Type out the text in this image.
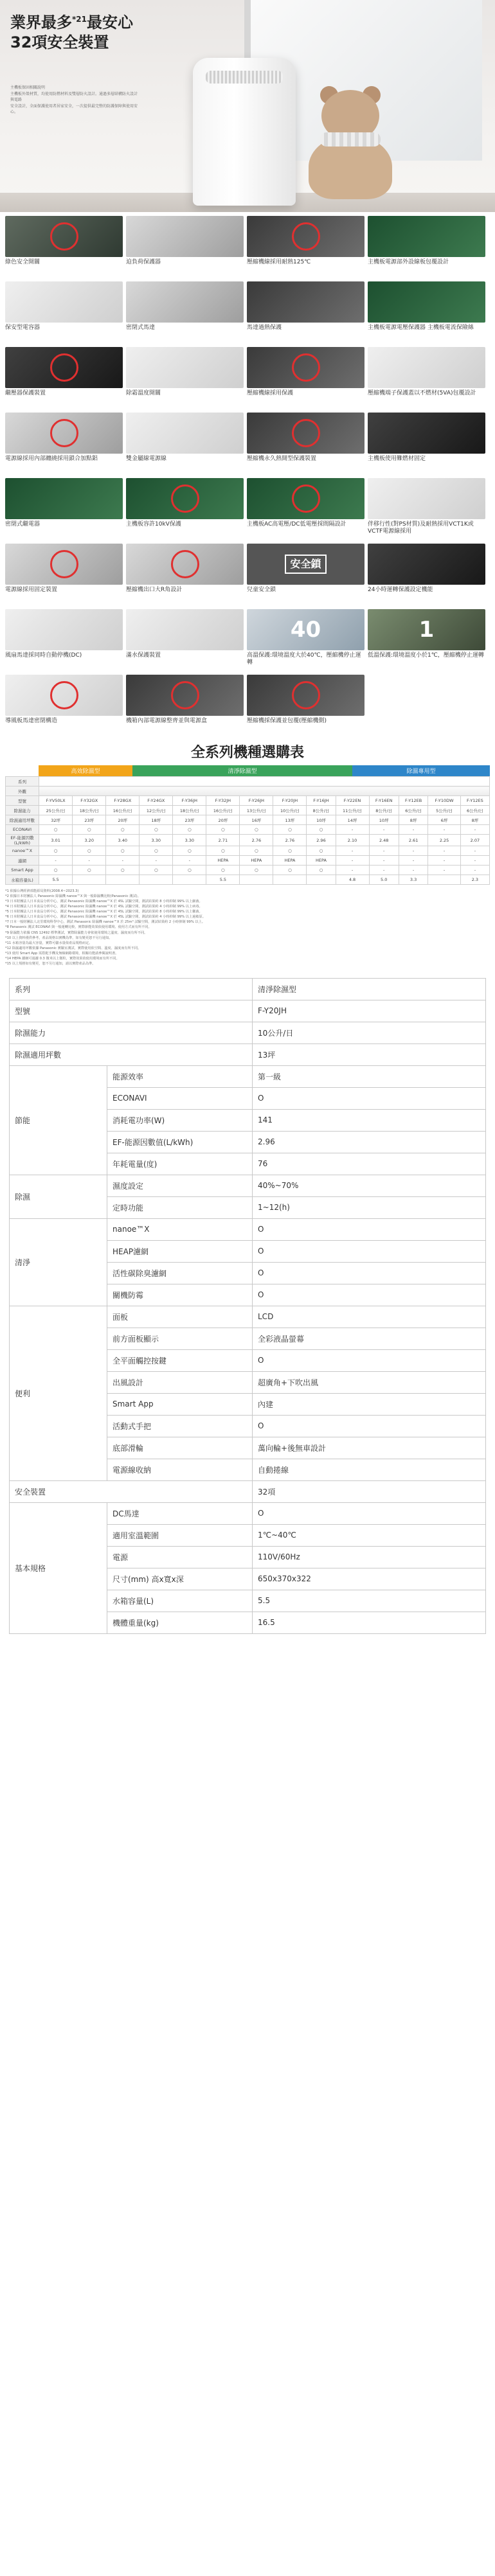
業界最多$^{*21}$最安心
32項安全裝置
主機板保固相關說明
主機板外殼材質，均使用防燃材料及雙層防火設計。通過多層結構防火設計與電路
安全設計，全面保護使用者居家安全，一次提供最完整的防護保障與使用安心。
綠色安全開關	迫負荷保護器	壓縮機線採用耐熱125℃	主機板電源部外設線板包覆設計
保安型電容器	密閉式馬達	馬達過熱保護	主機板電源電壓保護器 主機板電流保險絲
繼壓器保護裝置	除霜溫度開關	壓縮機線採用保護	壓縮機端子保護蓋以不燃材(5VA)包覆設計
電源線採用內部纏繞採用鎖合加點鋁	雙金屬線電源線	壓縮機永久熱開型保護裝置	主機板使用難燃材固定
密閉式繼電器	主機板容許10kV保護	主機板AC高電壓/DC低電壓採間隔設計	伴移行性(對PS材質)及耐熱採用VCT1K或VCTF電源線採用
電源線採用固定裝置	壓縮機出口大R角設計
安全鎖
兒童安全鎖	24小時運轉保護設定機能
風扇馬達採同時自動停機(DC)	滿水保護裝置
40
高溫保護:環境溫度大於40℃，壓縮機停止運轉
1
低溫保護:環境溫度小於1℃，壓縮機停止運轉
導風板馬達密閉構造	機箱內部電源線整齊並與電源盒	壓縮機採保護並包覆(壓縮機側)
全系列機種選購表
高效除濕型	清淨除濕型	除濕專用型
系列														
外觀														
型號	F-YV50LX	F-Y32GX	F-Y28GX	F-Y24GX	F-Y36JH	F-Y32JH	F-Y26JH	F-Y20JH	F-Y16JH	F-Y22EN	F-Y16EN	F-Y12EB	F-Y10DW	F-Y12ES
除濕能力	25公升/日	18公升/日	16公升/日	12公升/日	18公升/日	16公升/日	13公升/日	10公升/日	8公升/日	11公升/日	8公升/日	6公升/日	5公升/日	6公升/日
除濕適用坪數	32坪	23坪	20坪	18坪	23坪	20坪	16坪	13坪	10坪	14坪	10坪	8坪	6坪	8坪
ECONAVI	○	○	○	○	○	○	○	○	○	-	-	-	-	-
EF-能源因數(L/kWh)	3.01	3.20	3.40	3.30	3.30	2.71	2.76	2.76	2.96	2.10	2.48	2.61	2.25	2.07
nanoe™X	○	○	○	○	○	○	○	○	○	-	-	-	-	-
濾網	-	-	-	-	-	HEPA	HEPA	HEPA	HEPA	-	-	-	-	-
Smart App	○	○	○	○	○	○	○	○	○	-	-	-	-	-
水箱容量(L)	5.5					5.5				4.8	5.0	3.3		2.3
*1 依據台灣經濟部能源局資料(2008.4~2023.3)
*2 依據日本財團法人 Panasonic 除濕機 nanoe™X 與一般除濕機比較(Panasonic 測試)。
*3 日本財團法人日本食品分析中心，測試 Panasonic 除濕機 nanoe™X 於 45L 試驗空間，測試結果約 8 小時抑制 99% 以上細菌。
*4 日本財團法人日本食品分析中心，測試 Panasonic 除濕機 nanoe™X 於 45L 試驗空間，測試結果約 4 小時抑制 99% 以上病毒。
*5 日本財團法人日本食品分析中心，測試 Panasonic 除濕機 nanoe™X 於 45L 試驗空間，測試結果約 8 小時抑制 99% 以上黴菌。
*6 日本財團法人日本食品分析中心，測試 Panasonic 除濕機 nanoe™X 於 45L 試驗空間，測試結果約 4 小時抑制 99% 以上過敏原。
*7 日本一般財團法人北里環境科學中心，測試 Panasonic 除濕機 nanoe™X 於 25m³ 試驗空間，測試結果約 2 小時抑制 99% 以上。
*8 Panasonic 測試 ECONAVI 與一般運轉比較，實際節能效果依使用環境、使用方式而有所不同。
*9 除濕能力依據 CNS 12492 標準測試，實際除濕能力會依使用環境之溫度、濕度而有所不同。
*10 以上資料僅供參考，產品規格以實機為準，如有變更恕不另行通知。
*11 水箱容量為最大容量，實際可儲水量依產品規格而定。
*12 除濕適用坪數依據 Panasonic 實驗室測試，實際使用依空間、溫度、濕度而有所不同。
*13 使用 Smart App 需搭配手機及無線網路環境，相關功能請參閱說明書。
*14 HEPA 濾網可過濾 0.3 微米以上微粒，實際效果依使用環境而有所不同。
*15 以上規格如有變更，恕不另行通知，請以實際產品為準。
系列		清淨除濕型
型號		F-Y20JH
除濕能力		10公升/日
除濕適用坪數		13坪
節能	能源效率	第一級
	ECONAVI	O
	消耗電功率(W)	141
	EF-能源因數值(L/kWh)	2.96
	年耗電量(度)	76
除濕	濕度設定	40%~70%
	定時功能	1~12(h)
清淨	nanoe™X	O
	HEAP濾網	O
	活性碳除臭濾網	O
	關機防霉	O
便利	面板	LCD
	前方面板顯示	全彩液晶螢幕
	全平面觸控按鍵	O
	出風設計	超廣角+下吹出風
	Smart App	內建
	活動式手把	O
	底部滑輪	萬向輪+後無車設計
	電源線收納	自動捲線
安全裝置		32項
基本規格	DC馬達	O
	適用室溫範圍	1℃~40℃
	電源	110V/60Hz
	尺寸(mm) 高x寬x深	650x370x322
	水箱容量(L)	5.5
	機體重量(kg)	16.5
